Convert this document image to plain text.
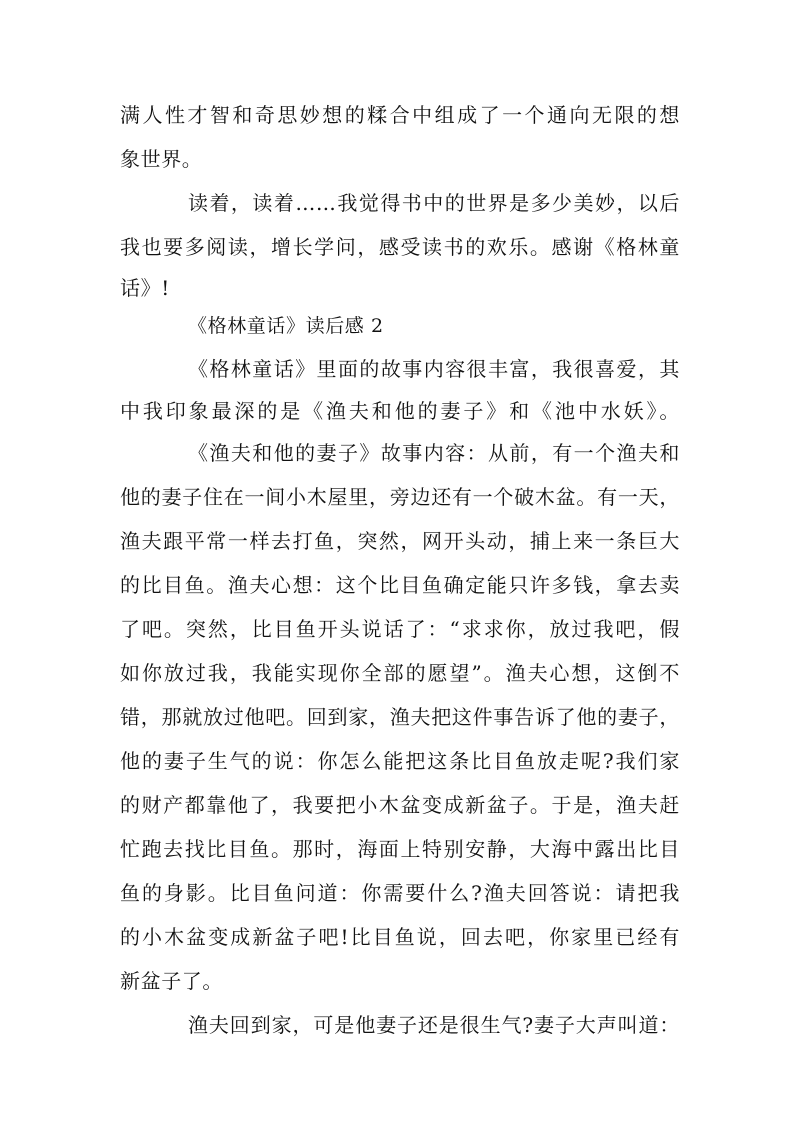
满人性才智和奇思妙想的糅合中组成了一个通向无限的想
象世界。
读着，读着……我觉得书中的世界是多少美妙，以后
我也要多阅读，增长学问，感受读书的欢乐。感谢《格林童
话》!
《格林童话》读后感 2
《格林童话》里面的故事内容很丰富，我很喜爱，其
中我印象最深的是《渔夫和他的妻子》和《池中水妖》。
《渔夫和他的妻子》故事内容：从前，有一个渔夫和
他的妻子住在一间小木屋里，旁边还有一个破木盆。有一天，
渔夫跟平常一样去打鱼，突然，网开头动，捕上来一条巨大
的比目鱼。渔夫心想：这个比目鱼确定能只许多钱，拿去卖
了吧。突然，比目鱼开头说话了：“求求你，放过我吧，假
如你放过我，我能实现你全部的愿望”。渔夫心想，这倒不
错，那就放过他吧。回到家，渔夫把这件事告诉了他的妻子，
他的妻子生气的说：你怎么能把这条比目鱼放走呢?我们家
的财产都靠他了，我要把小木盆变成新盆子。于是，渔夫赶
忙跑去找比目鱼。那时，海面上特别安静，大海中露出比目
鱼的身影。比目鱼问道：你需要什么?渔夫回答说：请把我
的小木盆变成新盆子吧!比目鱼说，回去吧，你家里已经有
新盆子了。
渔夫回到家，可是他妻子还是很生气?妻子大声叫道：
